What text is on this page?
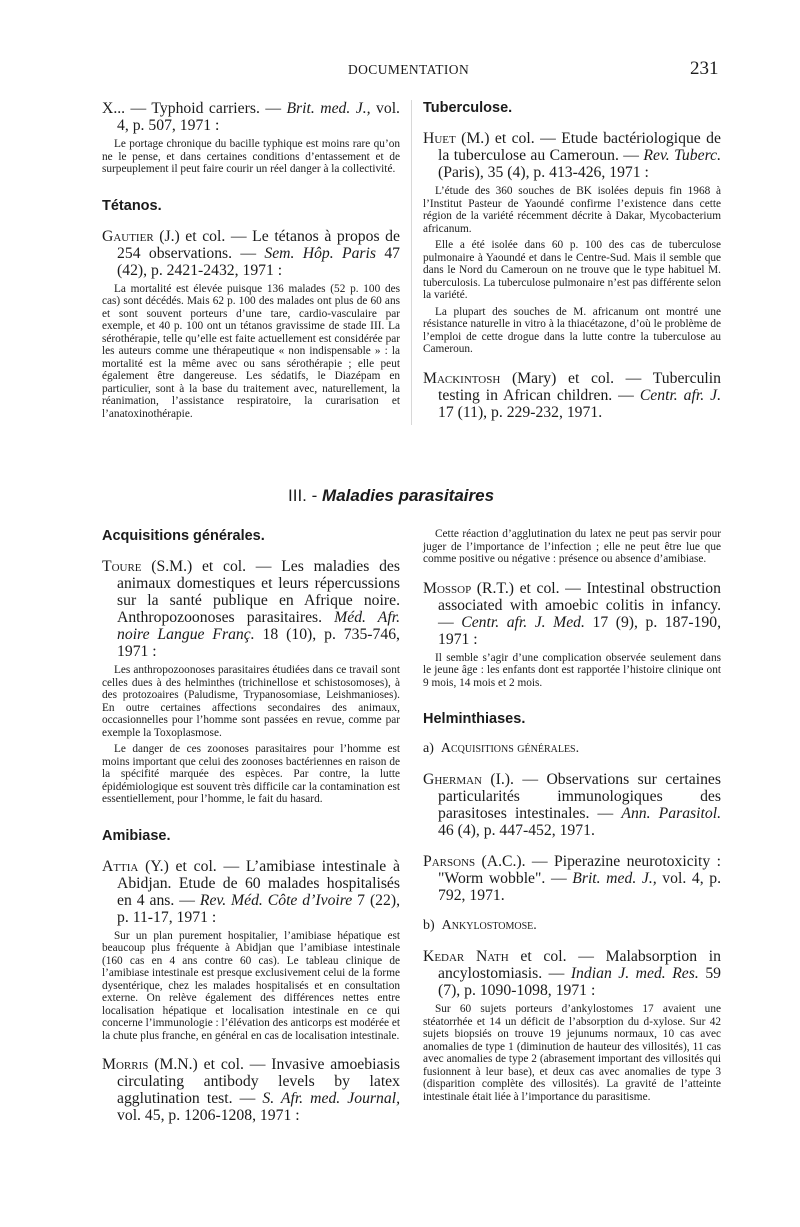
DOCUMENTATION	231

X... — Typhoid carriers. — Brit. med. J., vol. 4, p. 507, 1971 :

Le portage chronique du bacille typhique est moins rare qu’on ne le pense, et dans certaines conditions d’entassement et de surpeuplement il peut faire courir un réel danger à la collectivité.

Tétanos.

Gautier (J.) et col. — Le tétanos à propos de 254 observations. — Sem. Hôp. Paris 47 (42), p. 2421-2432, 1971 :

La mortalité est élevée puisque 136 malades (52 p. 100 des cas) sont décédés. Mais 62 p. 100 des malades ont plus de 60 ans et sont souvent porteurs d’une tare, cardio-vasculaire par exemple, et 40 p. 100 ont un tétanos gravissime de stade III. La sérothérapie, telle qu’elle est faite actuellement est considérée par les auteurs comme une thérapeutique « non indispensable » : la mortalité est la même avec ou sans sérothérapie ; elle peut également être dangereuse. Les sédatifs, le Diazépam en particulier, sont à la base du traitement avec, naturellement, la réanimation, l’assistance respiratoire, la curarisation et l’anatoxinothérapie.

Tuberculose.

Huet (M.) et col. — Etude bactériologique de la tuberculose au Cameroun. — Rev. Tuberc. (Paris), 35 (4), p. 413-426, 1971 :

L’étude des 360 souches de BK isolées depuis fin 1968 à l’Institut Pasteur de Yaoundé confirme l’existence dans cette région de la variété récemment décrite à Dakar, Mycobacterium africanum.

Elle a été isolée dans 60 p. 100 des cas de tuberculose pulmonaire à Yaoundé et dans le Centre-Sud. Mais il semble que dans le Nord du Cameroun on ne trouve que le type habituel M. tuberculosis. La tuberculose pulmonaire n’est pas différente selon la variété.

La plupart des souches de M. africanum ont montré une résistance naturelle in vitro à la thiacétazone, d’où le problème de l’emploi de cette drogue dans la lutte contre la tuberculose au Cameroun.

Mackintosh (Mary) et col. — Tuberculin testing in African children. — Centr. afr. J. 17 (11), p. 229-232, 1971.

III. - Maladies parasitaires

Acquisitions générales.

Toure (S.M.) et col. — Les maladies des animaux domestiques et leurs répercussions sur la santé publique en Afrique noire. Anthropozoonoses parasitaires. Méd. Afr. noire Langue Franç. 18 (10), p. 735-746, 1971 :

Les anthropozoonoses parasitaires étudiées dans ce travail sont celles dues à des helminthes (trichinellose et schistosomoses), à des protozoaires (Paludisme, Trypanosomiase, Leishmanioses). En outre certaines affections secondaires des animaux, occasionnelles pour l’homme sont passées en revue, comme par exemple la Toxoplasmose.

Le danger de ces zoonoses parasitaires pour l’homme est moins important que celui des zoonoses bactériennes en raison de la spécifité marquée des espèces. Par contre, la lutte épidémiologique est souvent très difficile car la contamination est essentiellement, pour l’homme, le fait du hasard.

Amibiase.

Attia (Y.) et col. — L’amibiase intestinale à Abidjan. Etude de 60 malades hospitalisés en 4 ans. — Rev. Méd. Côte d’Ivoire 7 (22), p. 11-17, 1971 :

Sur un plan purement hospitalier, l’amibiase hépatique est beaucoup plus fréquente à Abidjan que l’amibiase intestinale (160 cas en 4 ans contre 60 cas). Le tableau clinique de l’amibiase intestinale est presque exclusivement celui de la forme dysentérique, chez les malades hospitalisés et en consultation externe. On relève également des différences nettes entre localisation hépatique et localisation intestinale en ce qui concerne l’immunologie : l’élévation des anticorps est modérée et la chute plus franche, en général en cas de localisation intestinale.

Morris (M.N.) et col. — Invasive amoebiasis circulating antibody levels by latex agglutination test. — S. Afr. med. Journal, vol. 45, p. 1206-1208, 1971 :

Cette réaction d’agglutination du latex ne peut pas servir pour juger de l’importance de l’infection ; elle ne peut être lue que comme positive ou négative : présence ou absence d’amibiase.

Mossop (R.T.) et col. — Intestinal obstruction associated with amoebic colitis in infancy. — Centr. afr. J. Med. 17 (9), p. 187-190, 1971 :

Il semble s’agir d’une complication observée seulement dans le jeune âge : les enfants dont est rapportée l’histoire clinique ont 9 mois, 14 mois et 2 mois.

Helminthiases.

a) Acquisitions générales.

Gherman (I.). — Observations sur certaines particularités immunologiques des parasitoses intestinales. — Ann. Parasitol. 46 (4), p. 447-452, 1971.

Parsons (A.C.). — Piperazine neurotoxicity : "Worm wobble". — Brit. med. J., vol. 4, p. 792, 1971.

b) Ankylostomose.

Kedar Nath et col. — Malabsorption in ancylostomiasis. — Indian J. med. Res. 59 (7), p. 1090-1098, 1971 :

Sur 60 sujets porteurs d’ankylostomes 17 avaient une stéatorrhée et 14 un déficit de l’absorption du d-xylose. Sur 42 sujets biopsiés on trouve 19 jejunums normaux, 10 cas avec anomalies de type 1 (diminution de hauteur des villosités), 11 cas avec anomalies de type 2 (abrasement important des villosités qui fusionnent à leur base), et deux cas avec anomalies de type 3 (disparition complète des villosités). La gravité de l’atteinte intestinale était liée à l’importance du parasitisme.
